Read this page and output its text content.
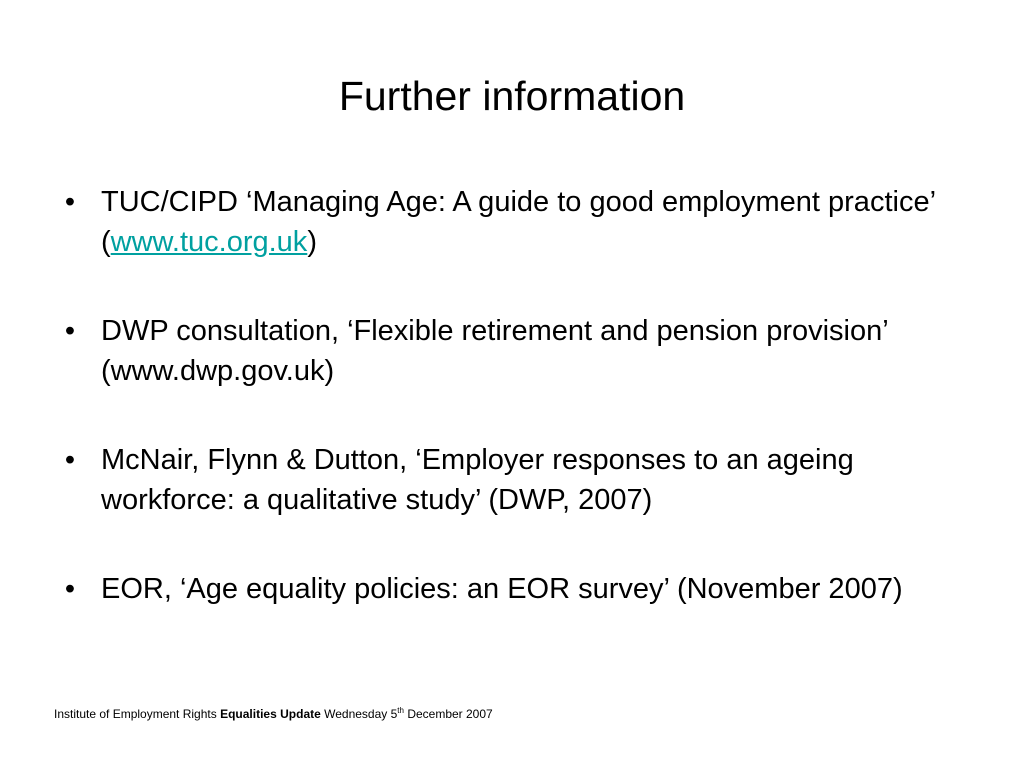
Further information
• TUC/CIPD ‘Managing Age: A guide to good employment practice’ (www.tuc.org.uk)
• DWP consultation, ‘Flexible retirement and pension provision’ (www.dwp.gov.uk)
• McNair, Flynn & Dutton, ‘Employer responses to an ageing workforce: a qualitative study’ (DWP, 2007)
• EOR, ‘Age equality policies: an EOR survey’ (November 2007)
Institute of Employment Rights Equalities Update Wednesday 5th December 2007
